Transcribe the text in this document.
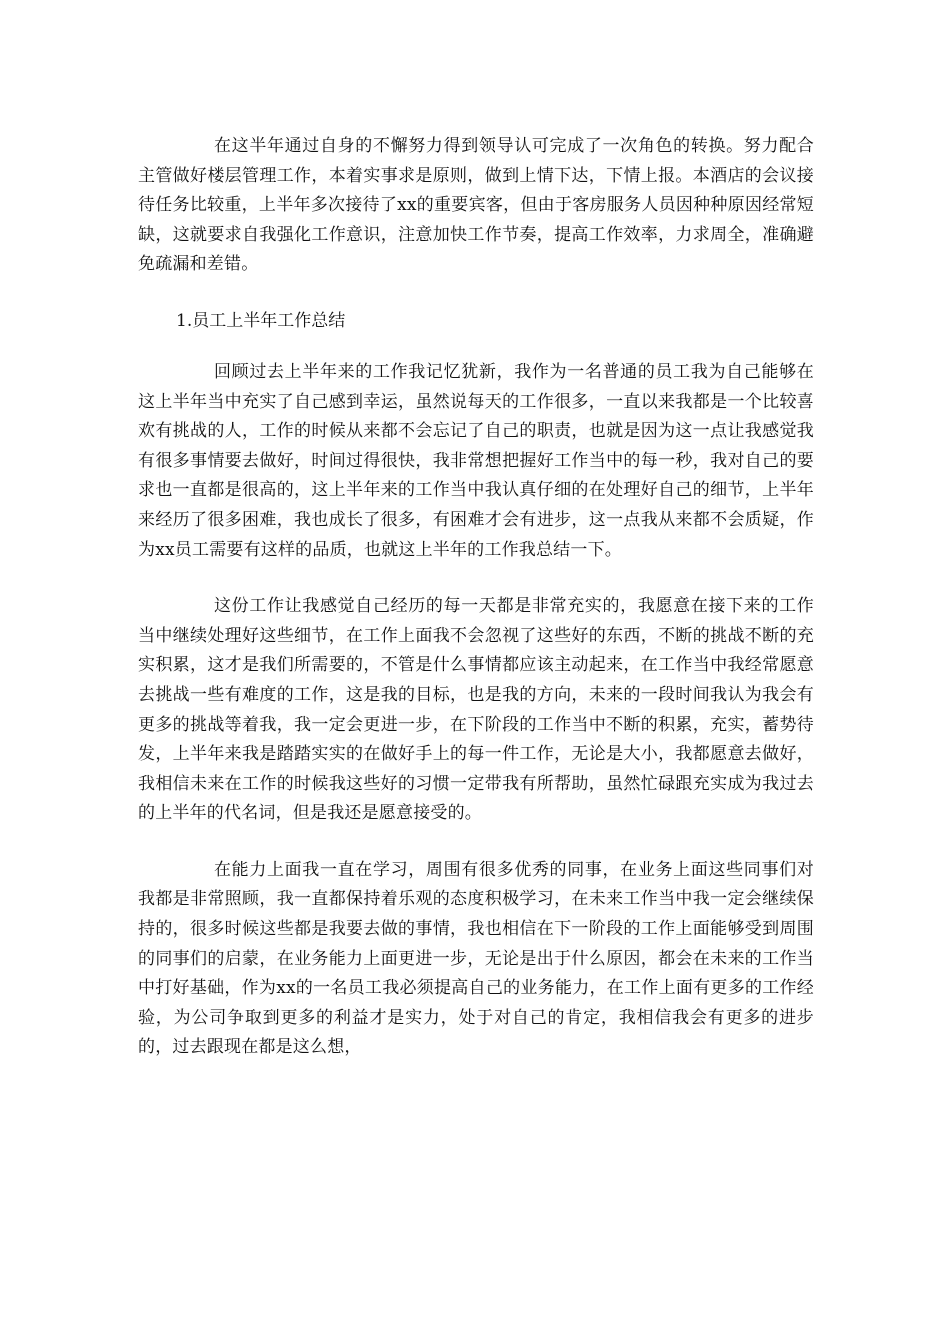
在这半年通过自身的不懈努力得到领导认可完成了一次角色的转换。努力配合主管做好楼层管理工作，本着实事求是原则，做到上情下达，下情上报。本酒店的会议接待任务比较重，上半年多次接待了xx的重要宾客，但由于客房服务人员因种种原因经常短缺，这就要求自我强化工作意识，注意加快工作节奏，提高工作效率，力求周全，准确避免疏漏和差错。

1.员工上半年工作总结

回顾过去上半年来的工作我记忆犹新，我作为一名普通的员工我为自己能够在这上半年当中充实了自己感到幸运，虽然说每天的工作很多，一直以来我都是一个比较喜欢有挑战的人，工作的时候从来都不会忘记了自己的职责，也就是因为这一点让我感觉我有很多事情要去做好，时间过得很快，我非常想把握好工作当中的每一秒，我对自己的要求也一直都是很高的，这上半年来的工作当中我认真仔细的在处理好自己的细节，上半年来经历了很多困难，我也成长了很多，有困难才会有进步，这一点我从来都不会质疑，作为xx员工需要有这样的品质，也就这上半年的工作我总结一下。

这份工作让我感觉自己经历的每一天都是非常充实的，我愿意在接下来的工作当中继续处理好这些细节，在工作上面我不会忽视了这些好的东西，不断的挑战不断的充实积累，这才是我们所需要的，不管是什么事情都应该主动起来，在工作当中我经常愿意去挑战一些有难度的工作，这是我的目标，也是我的方向，未来的一段时间我认为我会有更多的挑战等着我，我一定会更进一步，在下阶段的工作当中不断的积累，充实，蓄势待发，上半年来我是踏踏实实的在做好手上的每一件工作，无论是大小，我都愿意去做好，我相信未来在工作的时候我这些好的习惯一定带我有所帮助，虽然忙碌跟充实成为我过去的上半年的代名词，但是我还是愿意接受的。

在能力上面我一直在学习，周围有很多优秀的同事，在业务上面这些同事们对我都是非常照顾，我一直都保持着乐观的态度积极学习，在未来工作当中我一定会继续保持的，很多时候这些都是我要去做的事情，我也相信在下一阶段的工作上面能够受到周围的同事们的启蒙，在业务能力上面更进一步，无论是出于什么原因，都会在未来的工作当中打好基础，作为xx的一名员工我必须提高自己的业务能力，在工作上面有更多的工作经验，为公司争取到更多的利益才是实力，处于对自己的肯定，我相信我会有更多的进步的，过去跟现在都是这么想，
